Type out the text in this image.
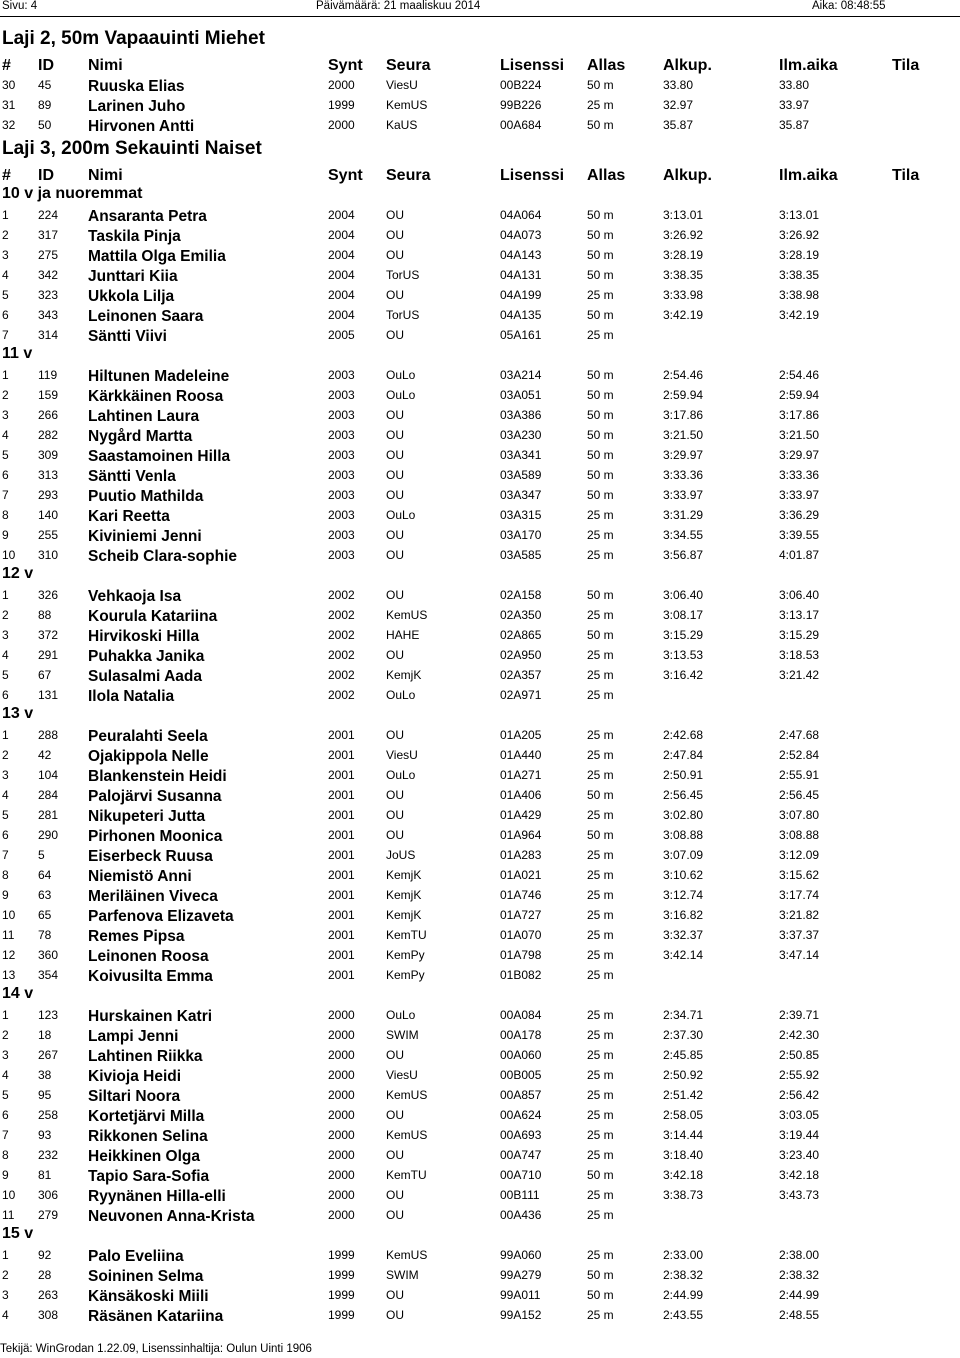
Sivu: 4	Päivämäärä: 21 maaliskuu 2014	Aika: 08:48:55
Laji 2, 50m Vapaauinti Miehet
# ID Nimi	Synt Seura	Lisenssi Allas Alkup.	Ilm.aika	Tila
30 45 Ruuska Elias	2000	ViesU	00B224	50 m	33.80	33.80
31 89 Larinen Juho	1999	KemUS	99B226	25 m	32.97	33.97
32 50 Hirvonen Antti	2000	KaUS	00A684	50 m	35.87	35.87
Laji 3, 200m Sekauinti Naiset
# ID Nimi	Synt Seura	Lisenssi Allas Alkup.	Ilm.aika	Tila
10 v ja nuoremmat
1 224 Ansaranta Petra	2004	OU	04A064	50 m	3:13.01	3:13.01
2 317 Taskila Pinja	2004	OU	04A073	50 m	3:26.92	3:26.92
3 275 Mattila Olga Emilia	2004	OU	04A143	50 m	3:28.19	3:28.19
4 342 Junttari Kiia	2004	TorUS	04A131	50 m	3:38.35	3:38.35
5 323 Ukkola Lilja	2004	OU	04A199	25 m	3:33.98	3:38.98
6 343 Leinonen Saara	2004	TorUS	04A135	50 m	3:42.19	3:42.19
7 314 Säntti Viivi	2005	OU	05A161	25 m
11 v
1 119 Hiltunen Madeleine	2003	OuLo	03A214	50 m	2:54.46	2:54.46
2 159 Kärkkäinen Roosa	2003	OuLo	03A051	50 m	2:59.94	2:59.94
3 266 Lahtinen Laura	2003	OU	03A386	50 m	3:17.86	3:17.86
4 282 Nygård Martta	2003	OU	03A230	50 m	3:21.50	3:21.50
5 309 Saastamoinen Hilla	2003	OU	03A341	50 m	3:29.97	3:29.97
6 313 Säntti Venla	2003	OU	03A589	50 m	3:33.36	3:33.36
7 293 Puutio Mathilda	2003	OU	03A347	50 m	3:33.97	3:33.97
8 140 Kari Reetta	2003	OuLo	03A315	25 m	3:31.29	3:36.29
9 255 Kiviniemi Jenni	2003	OU	03A170	25 m	3:34.55	3:39.55
10 310 Scheib Clara-sophie	2003	OU	03A585	25 m	3:56.87	4:01.87
12 v
1 326 Vehkaoja Isa	2002	OU	02A158	50 m	3:06.40	3:06.40
2 88 Kourula Katariina	2002	KemUS	02A350	25 m	3:08.17	3:13.17
3 372 Hirvikoski Hilla	2002	HAHE	02A865	50 m	3:15.29	3:15.29
4 291 Puhakka Janika	2002	OU	02A950	25 m	3:13.53	3:18.53
5 67 Sulasalmi Aada	2002	KemjK	02A357	25 m	3:16.42	3:21.42
6 131 Ilola Natalia	2002	OuLo	02A971	25 m
13 v
1 288 Peuralahti Seela	2001	OU	01A205	25 m	2:42.68	2:47.68
2 42 Ojakippola Nelle	2001	ViesU	01A440	25 m	2:47.84	2:52.84
3 104 Blankenstein Heidi	2001	OuLo	01A271	25 m	2:50.91	2:55.91
4 284 Palojärvi Susanna	2001	OU	01A406	50 m	2:56.45	2:56.45
5 281 Nikupeteri Jutta	2001	OU	01A429	25 m	3:02.80	3:07.80
6 290 Pirhonen Moonica	2001	OU	01A964	50 m	3:08.88	3:08.88
7 5	Eiserbeck Ruusa	2001	JoUS	01A283	25 m	3:07.09	3:12.09
8 64 Niemistö Anni	2001	KemjK	01A021	25 m	3:10.62	3:15.62
9 63 Meriläinen Viveca	2001	KemjK	01A746	25 m	3:12.74	3:17.74
10 65 Parfenova Elizaveta	2001	KemjK	01A727	25 m	3:16.82	3:21.82
11 78 Remes Pipsa	2001	KemTU	01A070	25 m	3:32.37	3:37.37
12 360 Leinonen Roosa	2001	KemPy	01A798	25 m	3:42.14	3:47.14
13 354 Koivusilta Emma	2001	KemPy	01B082	25 m
14 v
1 123 Hurskainen Katri	2000	OuLo	00A084	25 m	2:34.71	2:39.71
2 18 Lampi Jenni	2000	SWIM	00A178	25 m	2:37.30	2:42.30
3 267 Lahtinen Riikka	2000	OU	00A060	25 m	2:45.85	2:50.85
4 38 Kivioja Heidi	2000	ViesU	00B005	25 m	2:50.92	2:55.92
5 95 Siltari Noora	2000	KemUS	00A857	25 m	2:51.42	2:56.42
6 258 Kortetjärvi Milla	2000	OU	00A624	25 m	2:58.05	3:03.05
7 93 Rikkonen Selina	2000	KemUS	00A693	25 m	3:14.44	3:19.44
8 232 Heikkinen Olga	2000	OU	00A747	25 m	3:18.40	3:23.40
9 81 Tapio Sara-Sofia	2000	KemTU	00A710	50 m	3:42.18	3:42.18
10 306 Ryynänen Hilla-elli	2000	OU	00B111	25 m	3:38.73	3:43.73
11 279 Neuvonen Anna-Krista	2000	OU	00A436	25 m
15 v
1 92 Palo Eveliina	1999	KemUS	99A060	25 m	2:33.00	2:38.00
2 28 Soininen Selma	1999	SWIM	99A279	50 m	2:38.32	2:38.32
3 263 Känsäkoski Miili	1999	OU	99A011	50 m	2:44.99	2:44.99
4 308 Räsänen Katariina	1999	OU	99A152	25 m	2:43.55	2:48.55
Tekijä: WinGrodan 1.22.09, Lisenssinhaltija: Oulun Uinti 1906
